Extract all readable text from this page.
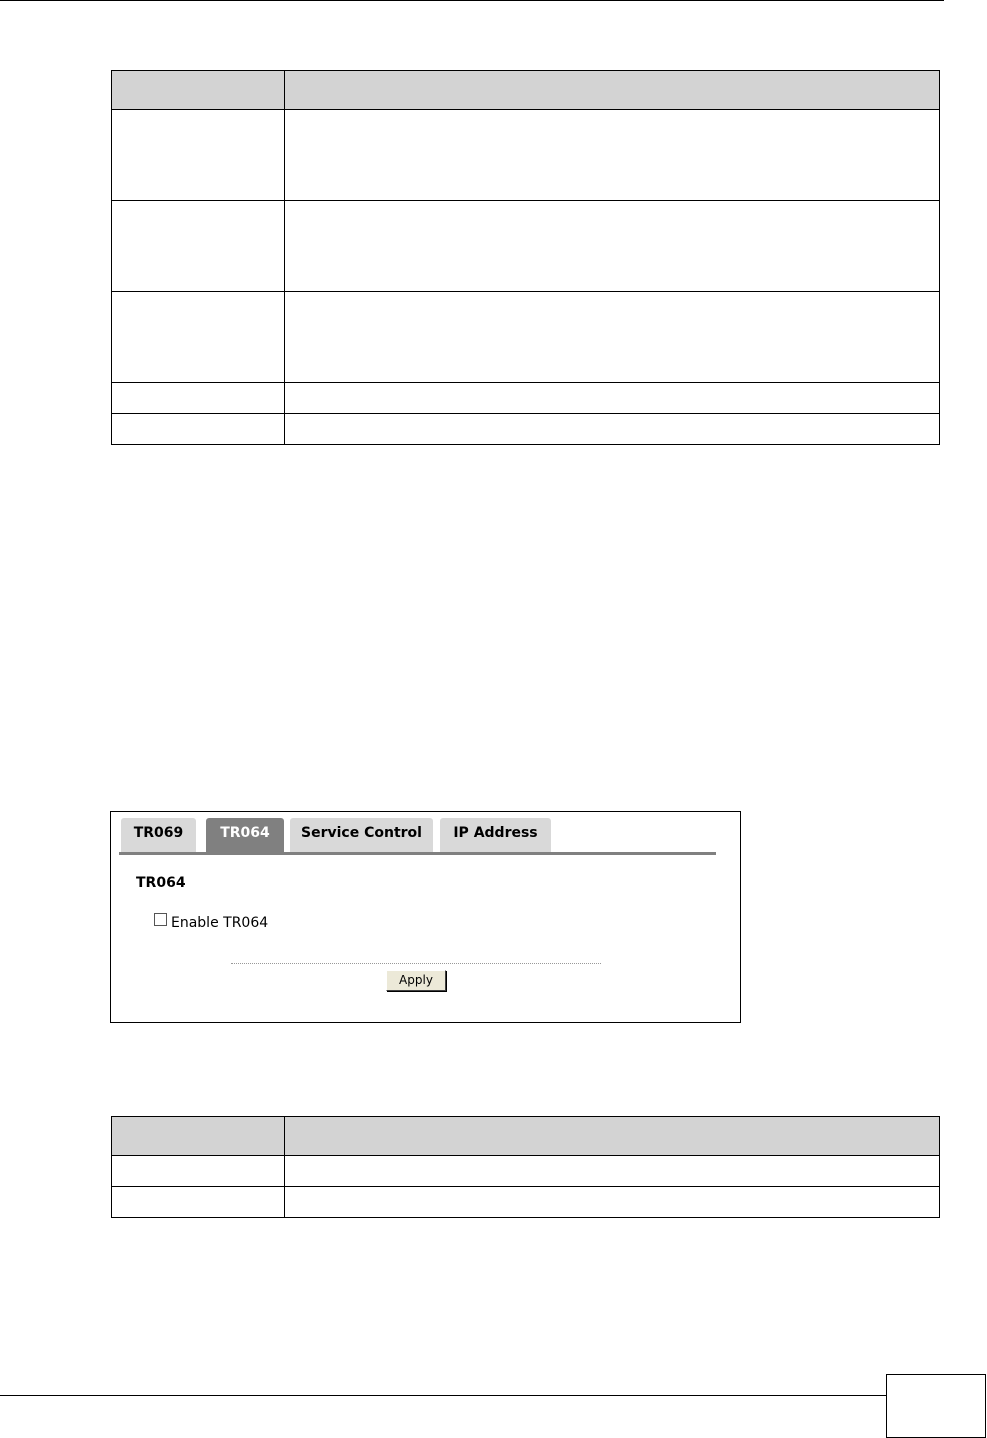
TR069	TR064	Service Control	IP Address
TR064
Enable TR064
Apply
